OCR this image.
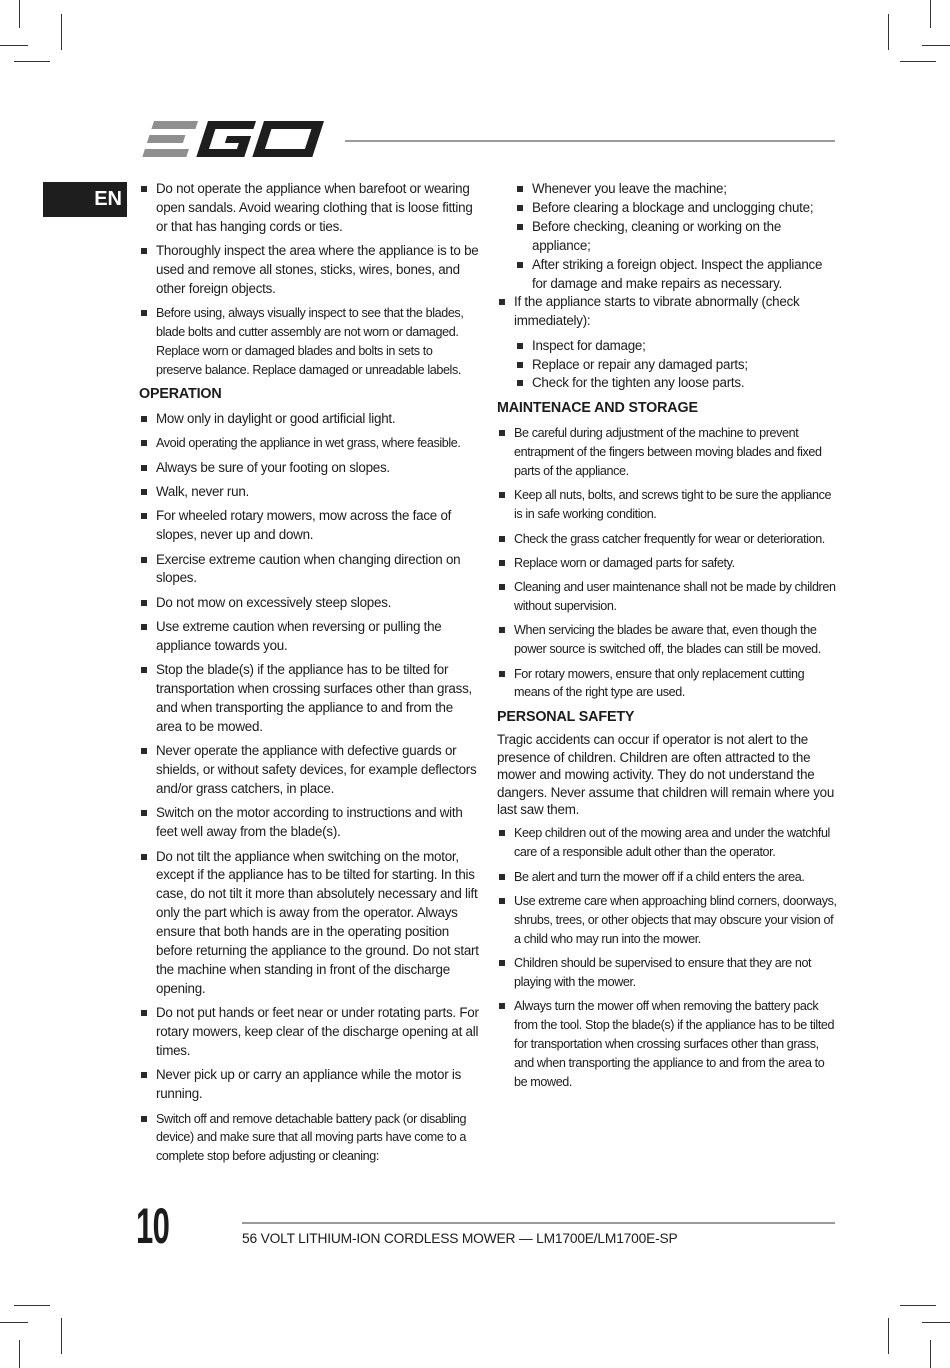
EN	Do not operate the appliance when barefoot or wearing open sandals. Avoid wearing clothing that is loose fitting or that has hanging cords or ties.
Thoroughly inspect the area where the appliance is to be used and remove all stones, sticks, wires, bones, and other foreign objects.
Before using, always visually inspect to see that the blades, blade bolts and cutter assembly are not worn or damaged. Replace worn or damaged blades and bolts in sets to preserve balance. Replace damaged or unreadable labels.
OPERATION
Mow only in daylight or good artificial light.
Avoid operating the appliance in wet grass, where feasible.
Always be sure of your footing on slopes.
Walk, never run.
For wheeled rotary mowers, mow across the face of slopes, never up and down.
Exercise extreme caution when changing direction on slopes.
Do not mow on excessively steep slopes.
Use extreme caution when reversing or pulling the appliance towards you.
Stop the blade(s) if the appliance has to be tilted for transportation when crossing surfaces other than grass, and when transporting the appliance to and from the area to be mowed.
Never operate the appliance with defective guards or shields, or without safety devices, for example deflectors and/or grass catchers, in place.
Switch on the motor according to instructions and with feet well away from the blade(s).
Do not tilt the appliance when switching on the motor, except if the appliance has to be tilted for starting. In this case, do not tilt it more than absolutely necessary and lift only the part which is away from the operator. Always ensure that both hands are in the operating position before returning the appliance to the ground. Do not start the machine when standing in front of the discharge opening.
Do not put hands or feet near or under rotating parts. For rotary mowers, keep clear of the discharge opening at all times.
Never pick up or carry an appliance while the motor is running.
Switch off and remove detachable battery pack (or disabling device) and make sure that all moving parts have come to a complete stop before adjusting or cleaning:
Whenever you leave the machine;
Before clearing a blockage and unclogging chute;
Before checking, cleaning or working on the appliance;
After striking a foreign object. Inspect the appliance for damage and make repairs as necessary.
If the appliance starts to vibrate abnormally (check immediately):
Inspect for damage;
Replace or repair any damaged parts;
Check for the tighten any loose parts.
MAINTENACE AND STORAGE
Be careful during adjustment of the machine to prevent entrapment of the fingers between moving blades and fixed parts of the appliance.
Keep all nuts, bolts, and screws tight to be sure the appliance is in safe working condition.
Check the grass catcher frequently for wear or deterioration.
Replace worn or damaged parts for safety.
Cleaning and user maintenance shall not be made by children without supervision.
When servicing the blades be aware that, even though the power source is switched off, the blades can still be moved.
For rotary mowers, ensure that only replacement cutting means of the right type are used.
PERSONAL SAFETY

Tragic accidents can occur if operator is not alert to the presence of children. Children are often attracted to the mower and mowing activity. They do not understand the dangers. Never assume that children will remain where you last saw them.

Keep children out of the mowing area and under the watchful care of a responsible adult other than the operator.
Be alert and turn the mower off if a child enters the area.
Use extreme care when approaching blind corners, doorways, shrubs, trees, or other objects that may obscure your vision of a child who may run into the mower.
Children should be supervised to ensure that they are not playing with the mower.
Always turn the mower off when removing the battery pack from the tool. Stop the blade(s) if the appliance has to be tilted for transportation when crossing surfaces other than grass, and when transporting the appliance to and from the area to be mowed.
10	56 VOLT LITHIUM-ION CORDLESS MOWER — LM1700E/LM1700E-SP
